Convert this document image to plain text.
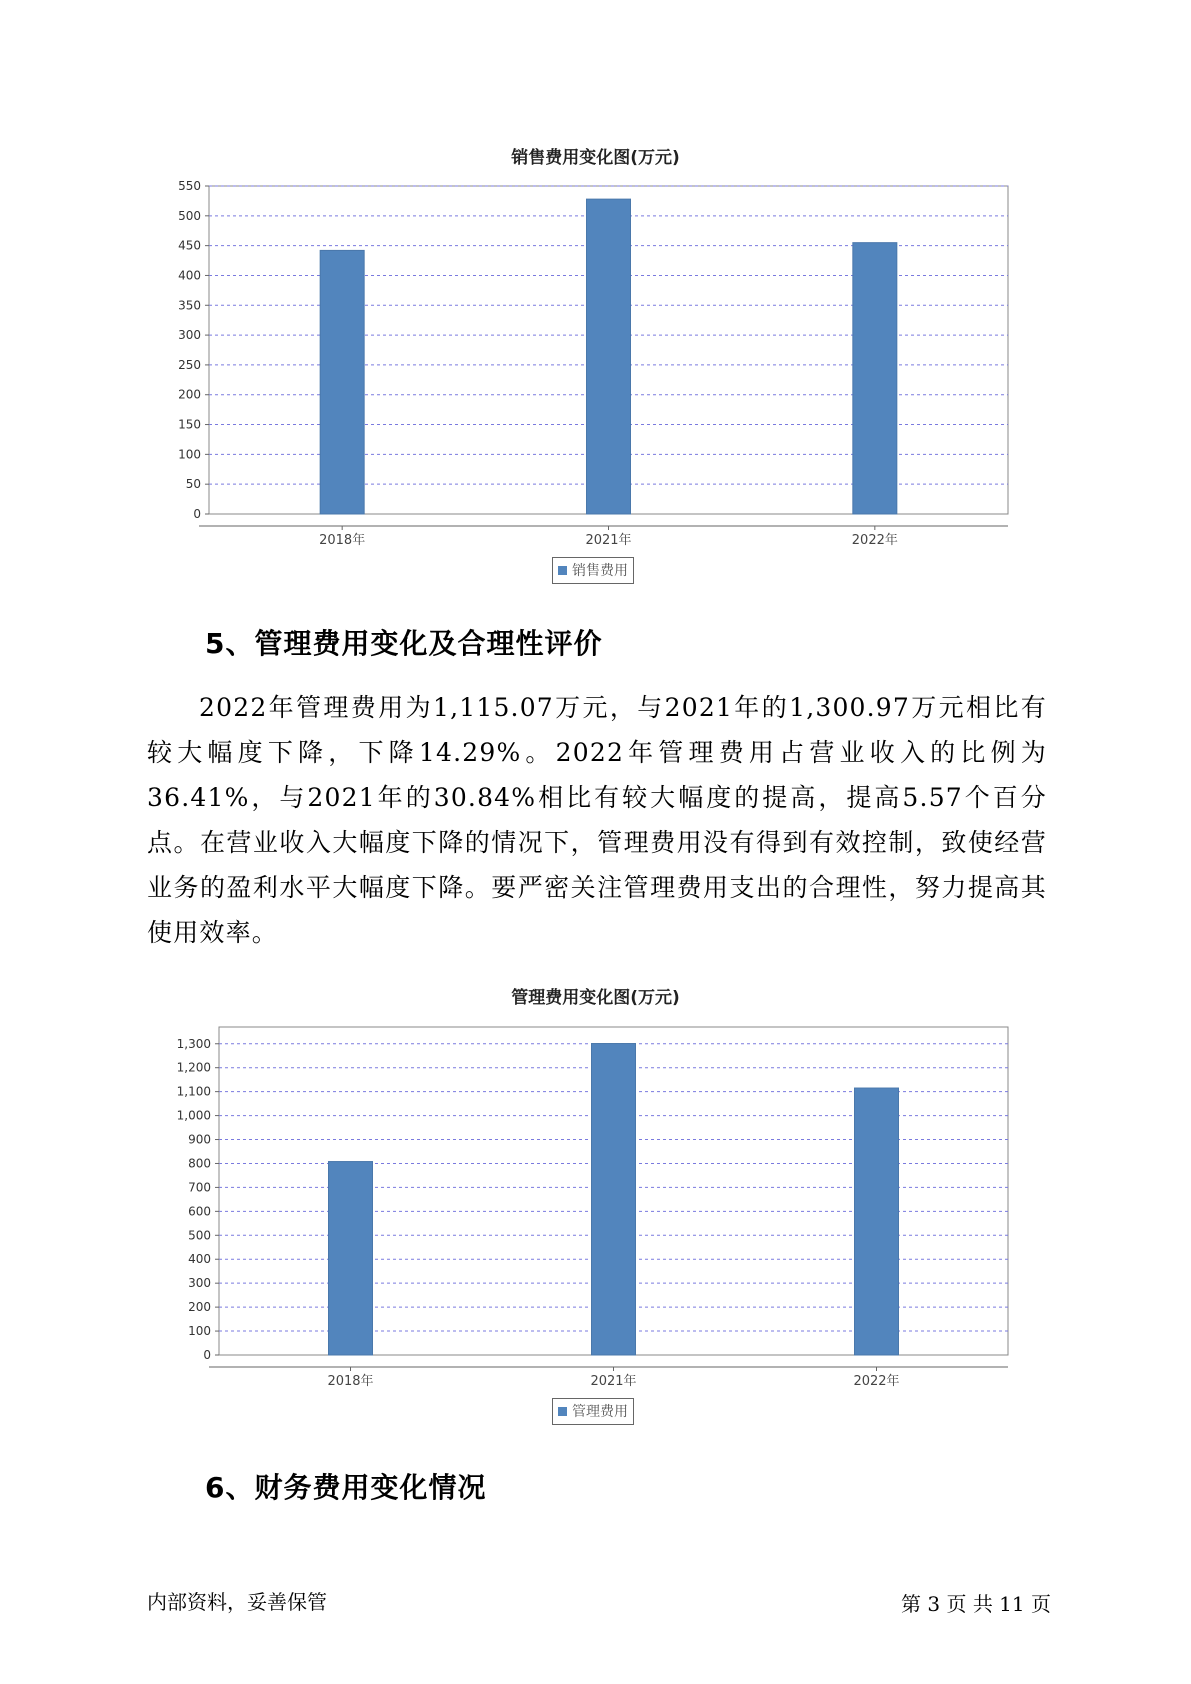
销售费用变化图(万元)
0
50
100
150
200
250
300
350
400
450
500
550
2018年	2021年	2022年
销售费用
5、管理费用变化及合理性评价
2022年管理费用为1,115.07万元，与2021年的1,300.97万元相比有较大幅度下降，下降14.29%。2022年管理费用占营业收入的比例为36.41%，与2021年的30.84%相比有较大幅度的提高，提高5.57个百分点。在营业收入大幅度下降的情况下，管理费用没有得到有效控制，致使经营业务的盈利水平大幅度下降。要严密关注管理费用支出的合理性，努力提高其使用效率。
管理费用变化图(万元)
0
100
200
300
400
500
600
700
800
900
1,000
1,100
1,200
1,300
2018年	2021年	2022年
管理费用
6、财务费用变化情况
内部资料，妥善保管	第 3 页 共 11 页
